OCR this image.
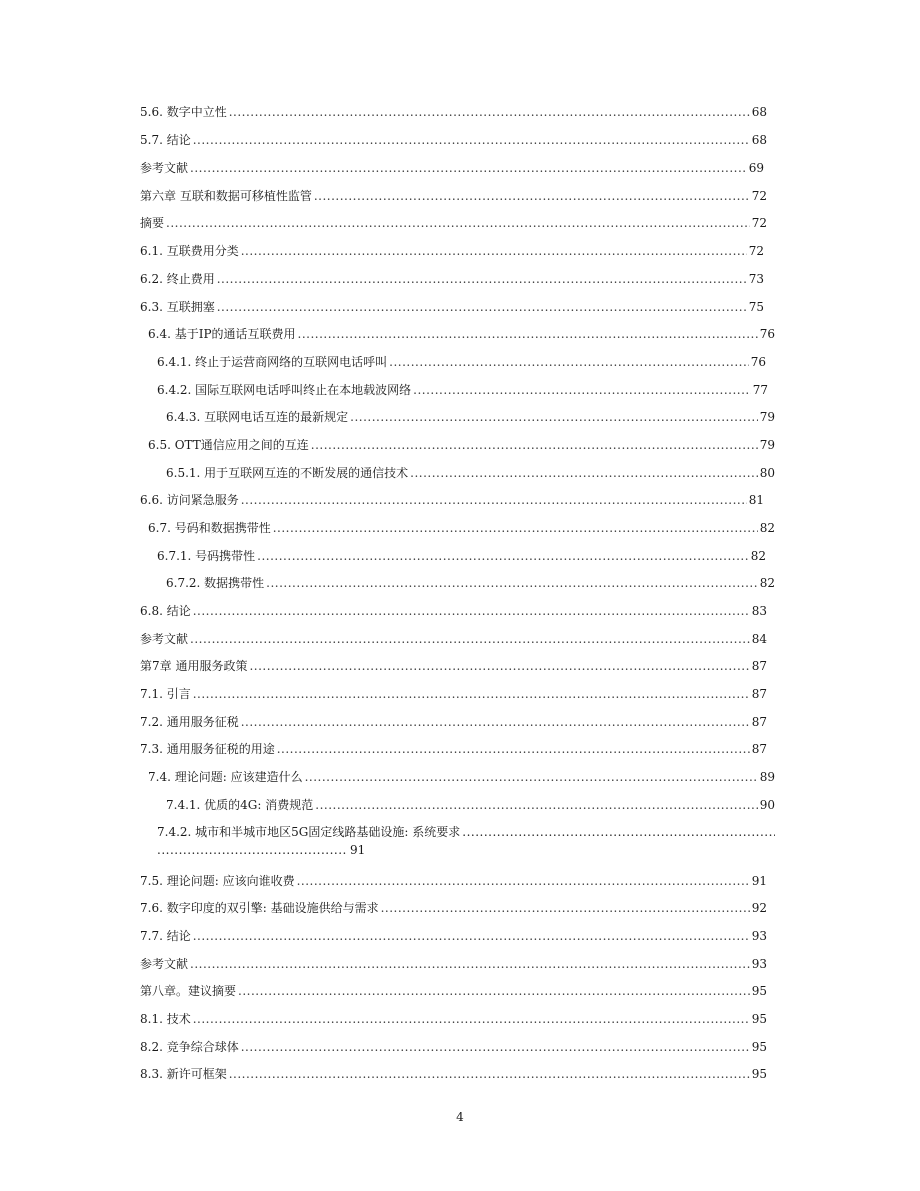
5.6. 数字中立性 .....	68
5.7. 结论 .....	68
参考文献 .....	69
第六章 互联和数据可移植性监管 .....	72
摘要 .....	72
6.1. 互联费用分类 .....	72
6.2. 终止费用 .....	73
6.3. 互联拥塞 .....	75
6.4. 基于IP的通话互联费用 .....	76
6.4.1. 终止于运营商网络的互联网电话呼叫 .....	76
6.4.2. 国际互联网电话呼叫终止在本地载波网络 .....	77
6.4.3. 互联网电话互连的最新规定 .....	79
6.5. OTT通信应用之间的互连 .....	79
6.5.1. 用于互联网互连的不断发展的通信技术 .....	80
6.6. 访问紧急服务 .....	81
6.7. 号码和数据携带性 .....	82
6.7.1. 号码携带性 .....	82
6.7.2. 数据携带性 .....	82
6.8. 结论 .....	83
参考文献 .....	84
第7章 通用服务政策 .....	87
7.1. 引言 .....	87
7.2. 通用服务征税 .....	87
7.3. 通用服务征税的用途 .....	87
7.4. 理论问题: 应该建造什么 .....	89
7.4.1. 优质的4G: 消费规范 .....	90
7.4.2. 城市和半城市地区5G固定线路基础设施: 系统要求
.....
.....
91
7.5. 理论问题: 应该向谁收费 .....	91
7.6. 数字印度的双引擎: 基础设施供给与需求 .....	92
7.7. 结论 .....	93
参考文献 .....	93
第八章。建议摘要 .....	95
8.1. 技术 .....	95
8.2. 竞争综合球体 .....	95
8.3. 新许可框架 .....	95
4
